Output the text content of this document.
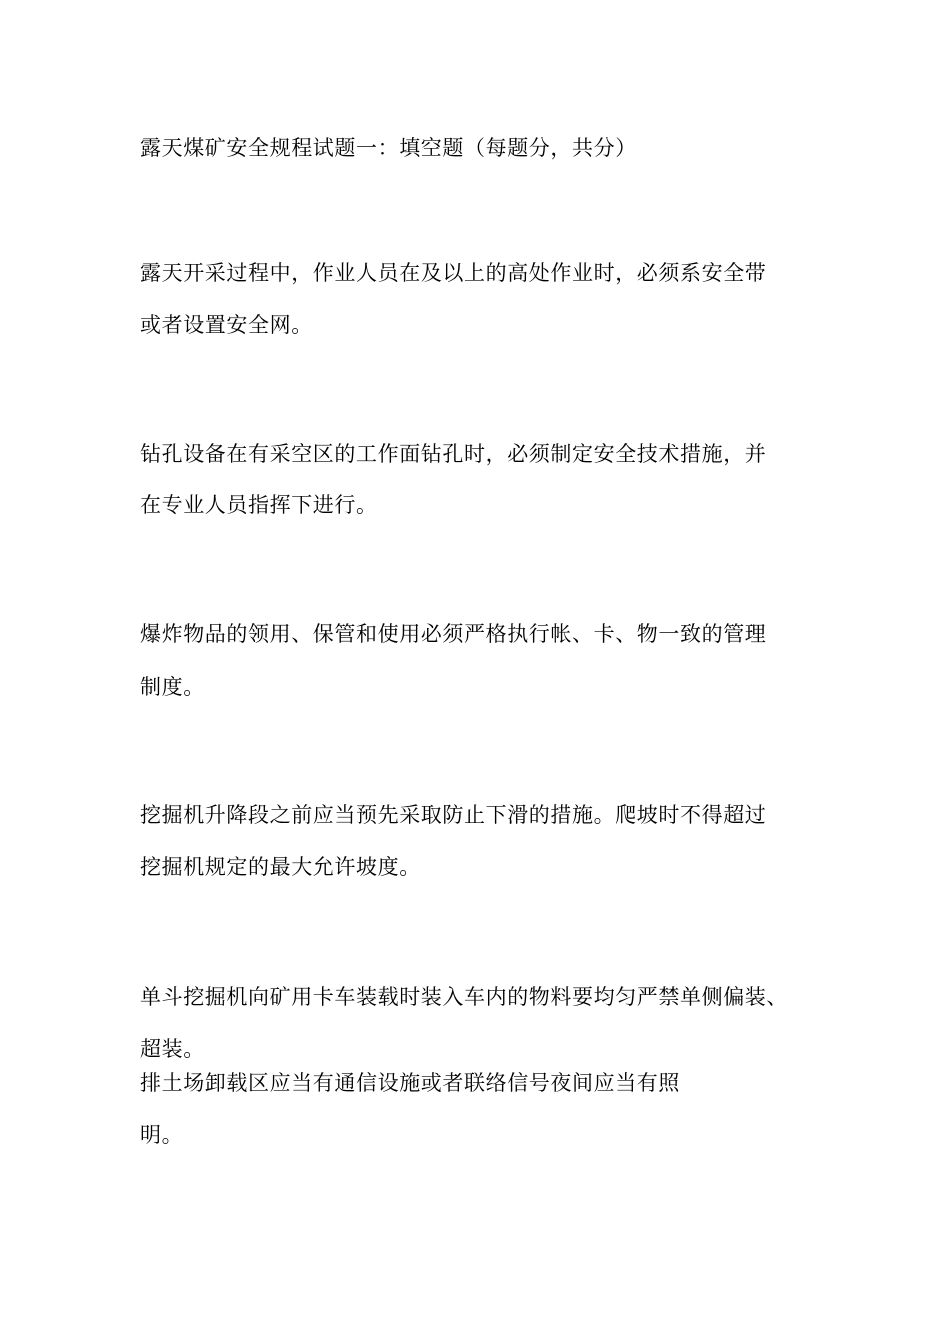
露天煤矿安全规程试题一：填空题（每题分，共分）
露天开采过程中，作业人员在及以上的高处作业时，必须系安全带
或者设置安全网。
钻孔设备在有采空区的工作面钻孔时，必须制定安全技术措施，并
在专业人员指挥下进行。
爆炸物品的领用、保管和使用必须严格执行帐、卡、物一致的管理
制度。
挖掘机升降段之前应当预先采取防止下滑的措施。爬坡时不得超过
挖掘机规定的最大允许坡度。
单斗挖掘机向矿用卡车装载时装入车内的物料要均匀严禁单侧偏装、
超装。
排土场卸载区应当有通信设施或者联络信号夜间应当有照
明。
